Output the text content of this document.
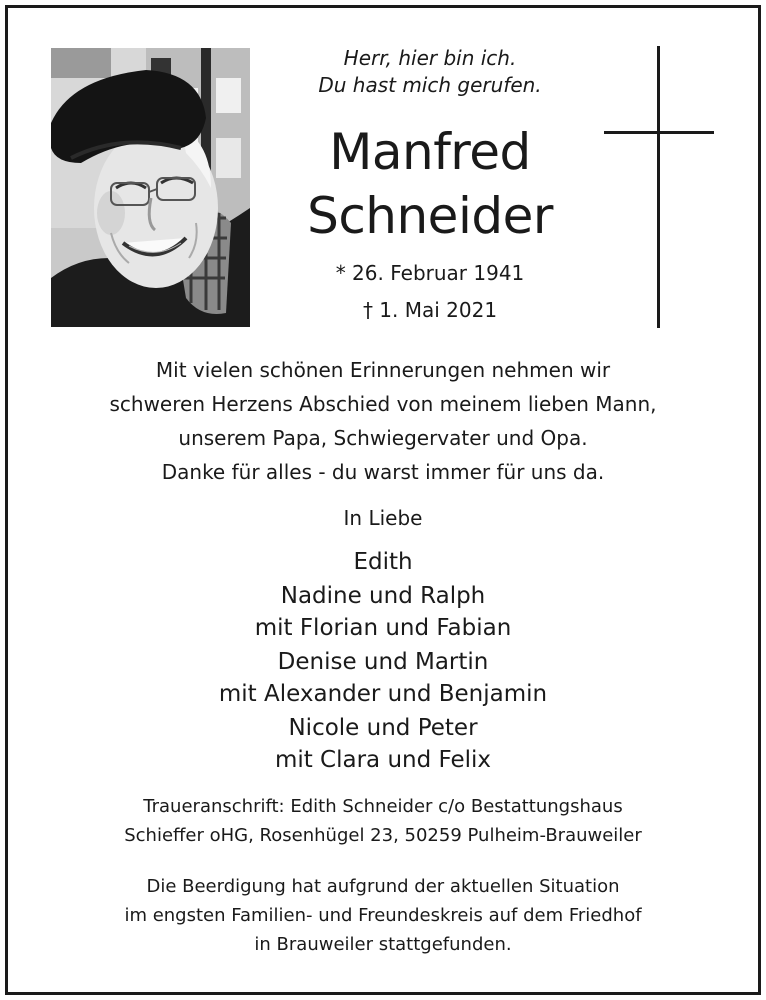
Herr, hier bin ich.
Du hast mich gerufen.
Manfred
Schneider
* 26. Februar 1941
† 1. Mai 2021
Mit vielen schönen Erinnerungen nehmen wir
schweren Herzens Abschied von meinem lieben Mann,
unserem Papa, Schwiegervater und Opa.
Danke für alles - du warst immer für uns da.
In Liebe
Edith
Nadine und Ralph
mit Florian und Fabian
Denise und Martin
mit Alexander und Benjamin
Nicole und Peter
mit Clara und Felix
Traueranschrift: Edith Schneider c/o Bestattungshaus
Schieffer oHG, Rosenhügel 23, 50259 Pulheim-Brauweiler
Die Beerdigung hat aufgrund der aktuellen Situation
im engsten Familien- und Freundeskreis auf dem Friedhof
in Brauweiler stattgefunden.
